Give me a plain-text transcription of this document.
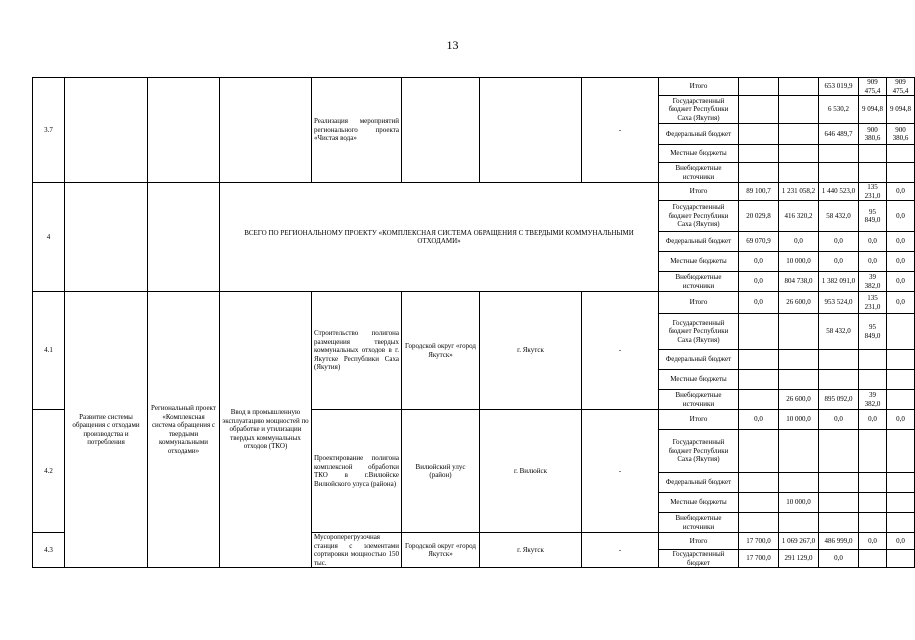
13
3.7				Реализация мероприятий регионального проекта «Чистая вода»			-	Итого			653 019,9	909 475,4	909 475,4
								Государственный бюджет Республики Саха (Якутия)			6 530,2	9 094,8	9 094,8
								Федеральный бюджет			646 489,7	900 380,6	900 380,6
								Местные бюджеты					
								Внебюджетные источники					
4			ВСЕГО ПО РЕГИОНАЛЬНОМУ ПРОЕКТУ «КОМПЛЕКСНАЯ СИСТЕМА ОБРАЩЕНИЯ С ТВЕРДЫМИ КОММУНАЛЬНЫМИ ОТХОДАМИ»					Итого	89 100,7	1 231 058,2	1 440 523,0	135 231,0	0,0
								Государственный бюджет Республики Саха (Якутия)	20 029,8	416 320,2	58 432,0	95 849,0	0,0
								Федеральный бюджет	69 070,9	0,0	0,0	0,0	0,0
								Местные бюджеты	0,0	10 000,0	0,0	0,0	0,0
								Внебюджетные источники	0,0	804 738,0	1 382 091,0	39 382,0	0,0
4.1	Развитие системы обращения с отходами производства и потребления	Региональный проект «Комплексная система обращения с твердыми коммунальными отходами»	Ввод в промышленную эксплуатацию мощностей по обработке и утилизации твердых коммунальных отходов (ТКО)	Строительство полигона размещения твердых коммунальных отходов в г. Якутске Республики Саха (Якутия)	Городской округ «город Якутск»	г. Якутск	-	Итого	0,0	26 600,0	953 524,0	135 231,0	0,0
								Государственный бюджет Республики Саха (Якутия)			58 432,0	95 849,0	
								Федеральный бюджет					
								Местные бюджеты					
								Внебюджетные источники		26 600,0	895 092,0	39 382,0	
4.2				Проектирование полигона комплексной обработки ТКО в г.Вилюйске Вилюйского улуса (района)	Вилюйский улус (район)	г. Вилюйск	-	Итого	0,0	10 000,0	0,0	0,0	0,0
								Государственный бюджет Республики Саха (Якутия)					
								Федеральный бюджет					
								Местные бюджеты		10 000,0			
								Внебюджетные источники					
4.3				Мусороперегрузочная станция с элементами сортировки мощностью 150 тыс.	Городской округ «город Якутск»	г. Якутск	-	Итого	17 700,0	1 069 267,0	486 999,0	0,0	0,0
								Государственный бюджет	17 700,0	291 129,0	0,0		
